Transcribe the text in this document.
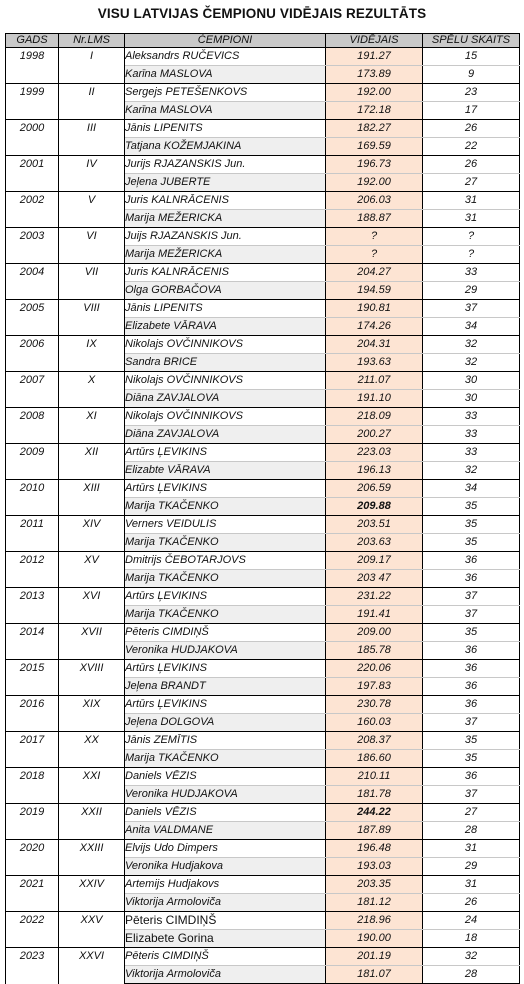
VISU LATVIJAS ČEMPIONU VIDĒJAIS REZULTĀTS
GADS	Nr.LMS	ČEMPIONI	VIDĒJAIS	SPĒLU SKAITS
1998	I	Aleksandrs RUČEVICS	191.27	15
		Karīna MASLOVA	173.89	9
1999	II	Sergejs PETEŠENKOVS	192.00	23
		Karīna MASLOVA	172.18	17
2000	III	Jānis LIPENITS	182.27	26
		Tatjana KOŽEMJAKINA	169.59	22
2001	IV	Jurijs RJAZANSKIS Jun.	196.73	26
		Jeļena JUBERTE	192.00	27
2002	V	Juris KALNRĀCENIS	206.03	31
		Marija MEŽERICKA	188.87	31
2003	VI	Juijs RJAZANSKIS Jun.	?	?
		Marija MEŽERICKA	?	?
2004	VII	Juris KALNRĀCENIS	204.27	33
		Olga GORBAČOVA	194.59	29
2005	VIII	Jānis LIPENITS	190.81	37
		Elizabete VĀRAVA	174.26	34
2006	IX	Nikolajs OVČINNIKOVS	204.31	32
		Sandra BRICE	193.63	32
2007	X	Nikolajs OVČINNIKOVS	211.07	30
		Diāna ZAVJALOVA	191.10	30
2008	XI	Nikolajs OVČINNIKOVS	218.09	33
		Diāna ZAVJALOVA	200.27	33
2009	XII	Artūrs ĻEVIKINS	223.03	33
		Elizabte VĀRAVA	196.13	32
2010	XIII	Artūrs ĻEVIKINS	206.59	34
		Marija TKAČENKO	209.88	35
2011	XIV	Verners VEIDULIS	203.51	35
		Marija TKAČENKO	203.63	35
2012	XV	Dmitrijs ČEBOTARJOVS	209.17	36
		Marija TKAČENKO	203 47	36
2013	XVI	Artūrs ĻEVIKINS	231.22	37
		Marija TKAČENKO	191.41	37
2014	XVII	Pēteris CIMDIŅŠ	209.00	35
		Veronika HUDJAKOVA	185.78	36
2015	XVIII	Artūrs ĻEVIKINS	220.06	36
		Jeļena BRANDT	197.83	36
2016	XIX	Artūrs ĻEVIKINS	230.78	36
		Jeļena DOLGOVA	160.03	37
2017	XX	Jānis ZEMĪTIS	208.37	35
		Marija TKAČENKO	186.60	35
2018	XXI	Daniels VĒZIS	210.11	36
		Veronika HUDJAKOVA	181.78	37
2019	XXII	Daniels VĒZIS	244.22	27
		Anita VALDMANE	187.89	28
2020	XXIII	Elvijs Udo Dimpers	196.48	31
		Veronika Hudjakova	193.03	29
2021	XXIV	Artemijs Hudjakovs	203.35	31
		Viktorija Armolovič̌a	181.12	26
2022	XXV	Pēteris CIMDIŅŠ	218.96	24
		Elizabete Gorina	190.00	18
2023	XXVI	Pēteris CIMDIŅŠ	201.19	32
		Viktorija Armolovič̌a	181.07	28
